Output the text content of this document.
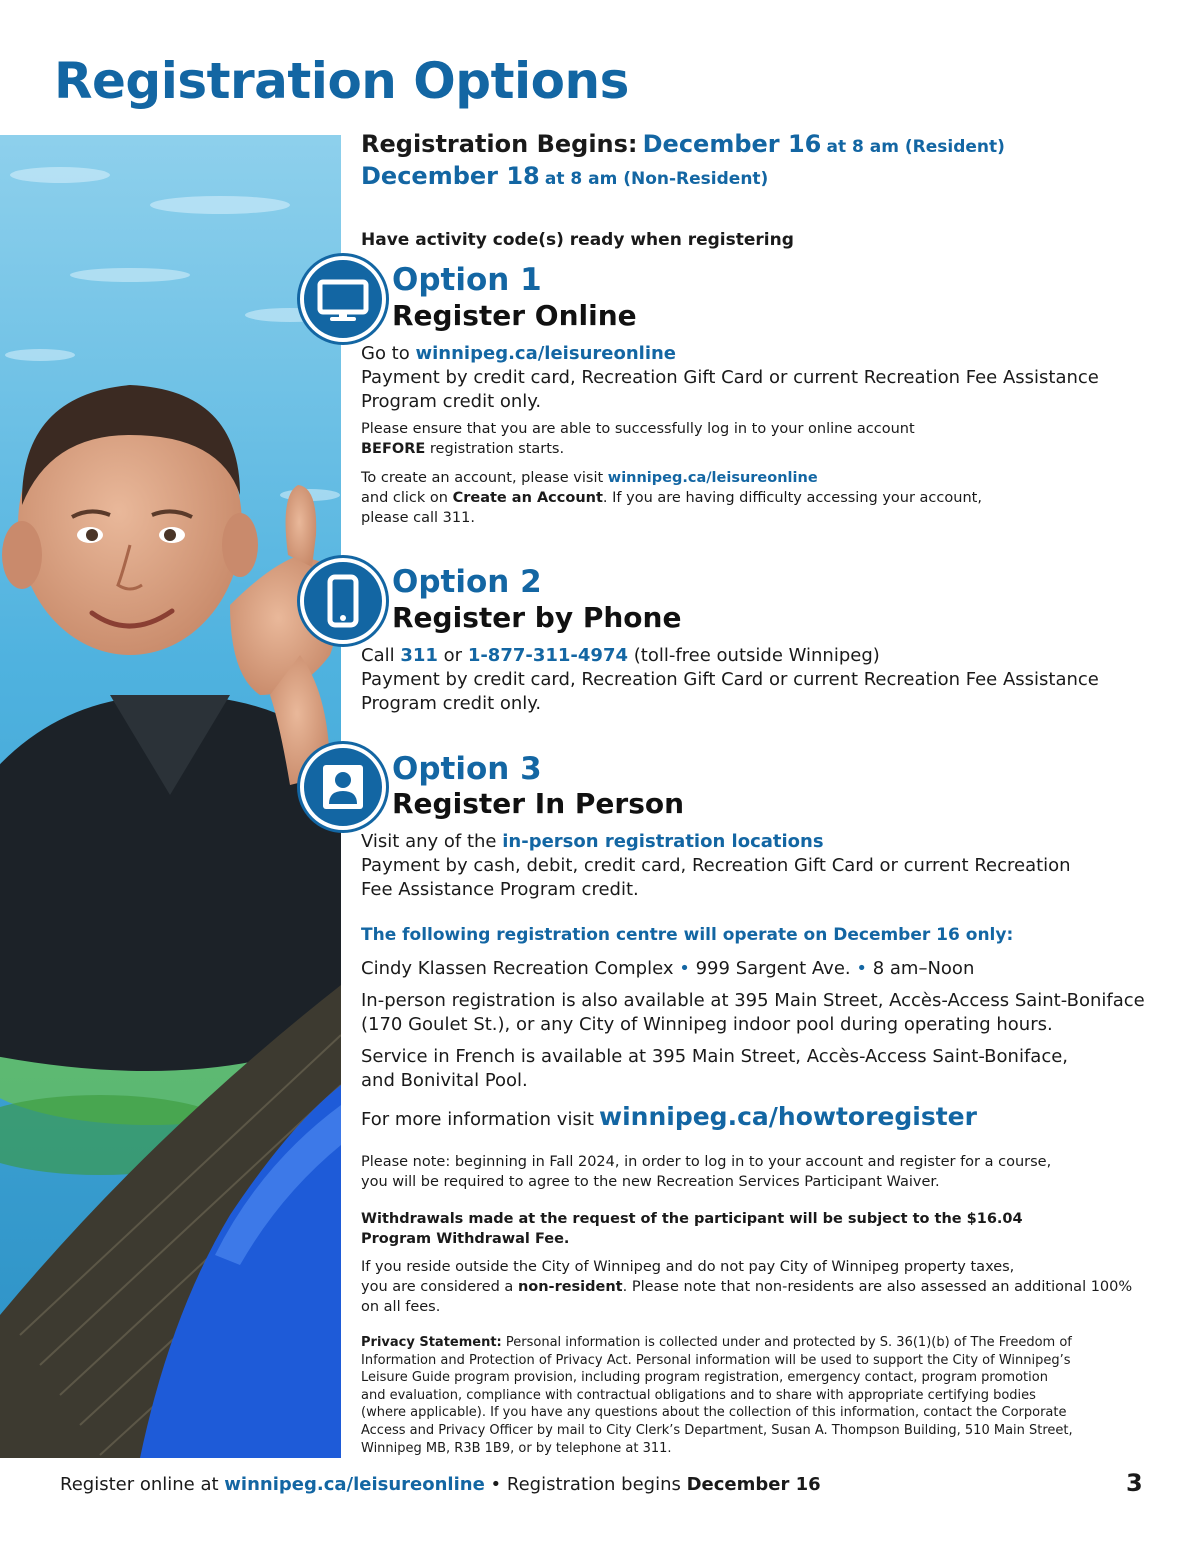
Registration Options
Registration Begins: December 16 at 8 am (Resident)
December 18 at 8 am (Non-Resident)
Have activity code(s) ready when registering
Option 1
Register Online
Go to winnipeg.ca/leisureonline
Payment by credit card, Recreation Gift Card or current Recreation Fee Assistance
Program credit only.
Please ensure that you are able to successfully log in to your online account
BEFORE registration starts.
To create an account, please visit winnipeg.ca/leisureonline
and click on Create an Account. If you are having difficulty accessing your account,
please call 311.
Option 2
Register by Phone
Call 311 or 1-877-311-4974 (toll-free outside Winnipeg)
Payment by credit card, Recreation Gift Card or current Recreation Fee Assistance
Program credit only.
Option 3
Register In Person
Visit any of the in-person registration locations
Payment by cash, debit, credit card, Recreation Gift Card or current Recreation
Fee Assistance Program credit.
The following registration centre will operate on December 16 only:
Cindy Klassen Recreation Complex • 999 Sargent Ave. • 8 am–Noon
In-person registration is also available at 395 Main Street, Accès-Access Saint-Boniface
(170 Goulet St.), or any City of Winnipeg indoor pool during operating hours.
Service in French is available at 395 Main Street, Accès-Access Saint-Boniface,
and Bonivital Pool.
For more information visit winnipeg.ca/howtoregister
Please note: beginning in Fall 2024, in order to log in to your account and register for a course,
you will be required to agree to the new Recreation Services Participant Waiver.
Withdrawals made at the request of the participant will be subject to the $16.04
Program Withdrawal Fee.
If you reside outside the City of Winnipeg and do not pay City of Winnipeg property taxes,
you are considered a non-resident. Please note that non-residents are also assessed an additional 100%
on all fees.
Privacy Statement: Personal information is collected under and protected by S. 36(1)(b) of The Freedom of
Information and Protection of Privacy Act. Personal information will be used to support the City of Winnipeg’s
Leisure Guide program provision, including program registration, emergency contact, program promotion
and evaluation, compliance with contractual obligations and to share with appropriate certifying bodies
(where applicable). If you have any questions about the collection of this information, contact the Corporate
Access and Privacy Officer by mail to City Clerk’s Department, Susan A. Thompson Building, 510 Main Street,
Winnipeg MB, R3B 1B9, or by telephone at 311.
Register online at winnipeg.ca/leisureonline • Registration begins December 16	3
